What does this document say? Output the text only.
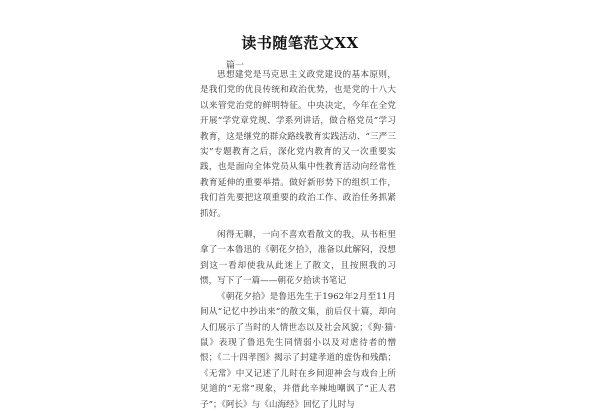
读书随笔范文XX
篇一

思想建党是马克思主义政党建设的基本原则，是我们党的优良传统和政治优势，也是党的十八大以来管党治党的鲜明特征。中央决定，今年在全党开展“学党章党规、学系列讲话，做合格党员”学习教育，这是继党的群众路线教育实践活动、“三严三实”专题教育之后，深化党内教育的又一次重要实践，也是面向全体党员从集中性教育活动向经常性教育延伸的重要举措。做好新形势下的组织工作，我们首先要把这项重要的政治工作、政治任务抓紧抓好。

闲得无聊，一向不喜欢看散文的我，从书柜里拿了一本鲁迅的《朝花夕拾》，准备以此解闷，没想到这一看却使我从此迷上了散文，且按照我的习惯，写下了一篇——朝花夕拾读书笔记

《朝花夕拾》是鲁迅先生于1962年2月至11月间从“记忆中抄出来”的散文集，前后仅十篇，却向人们展示了当时的人情世态以及社会风貌；《狗·猫·鼠》表现了鲁迅先生同情弱小以及对虐待者的憎恨；《二十四孝图》揭示了封建孝道的虚伪和残酷；《无常》中又记述了儿时在乡间迎神会与戏台上所见道的“无常”现象，并借此辛辣地嘲讽了“正人君子”；《阿长》与《山海经》回忆了儿时与
